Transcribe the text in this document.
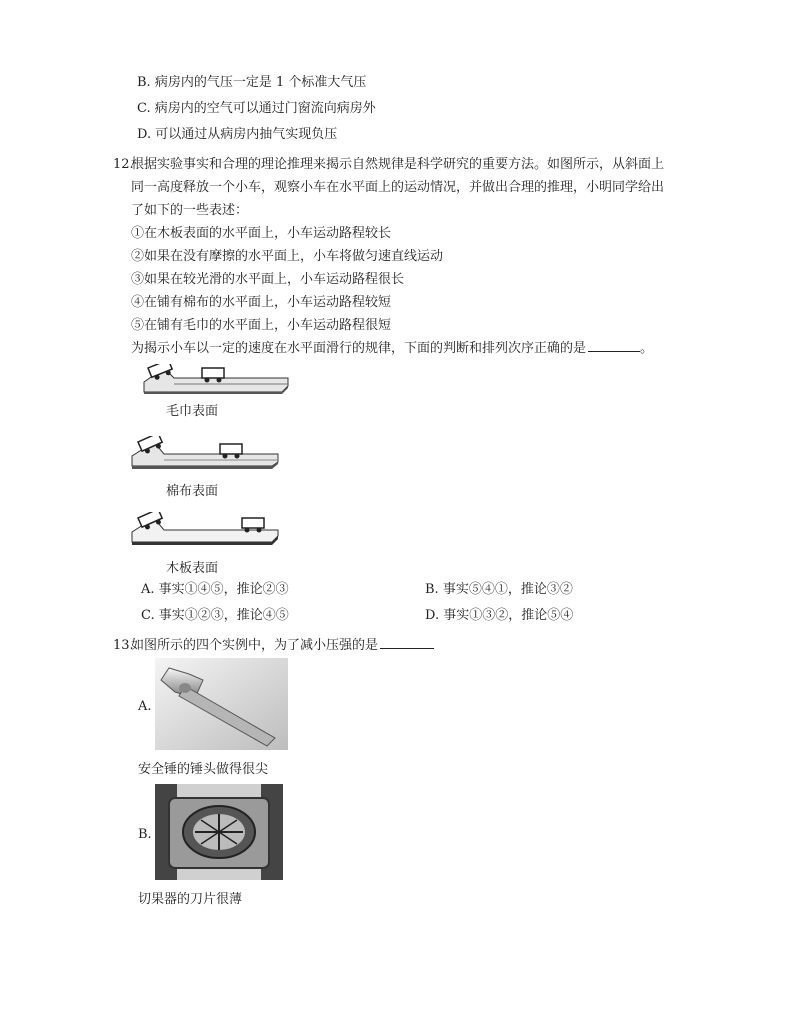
B. 病房内的气压一定是 1 个标准大气压
C. 病房内的空气可以通过门窗流向病房外
D. 可以通过从病房内抽气实现负压
12.
根据实验事实和合理的理论推理来揭示自然规律是科学研究的重要方法。如图所示，从斜面上
同一高度释放一个小车，观察小车在水平面上的运动情况，并做出合理的推理，小明同学给出
了如下的一些表述：
①在木板表面的水平面上，小车运动路程较长
②如果在没有摩擦的水平面上，小车将做匀速直线运动
③如果在较光滑的水平面上，小车运动路程很长
④在铺有棉布的水平面上，小车运动路程较短
⑤在铺有毛巾的水平面上，小车运动路程很短
为揭示小车以一定的速度在水平面滑行的规律，下面的判断和排列次序正确的是	。
毛巾表面
棉布表面
木板表面
A. 事实①④⑤，推论②③	B. 事实⑤④①，推论③②
C. 事实①②③，推论④⑤	D. 事实①③②，推论⑤④
13.
如图所示的四个实例中，为了减小压强的是
A.
安全锤的锤头做得很尖
B.
切果器的刀片很薄
